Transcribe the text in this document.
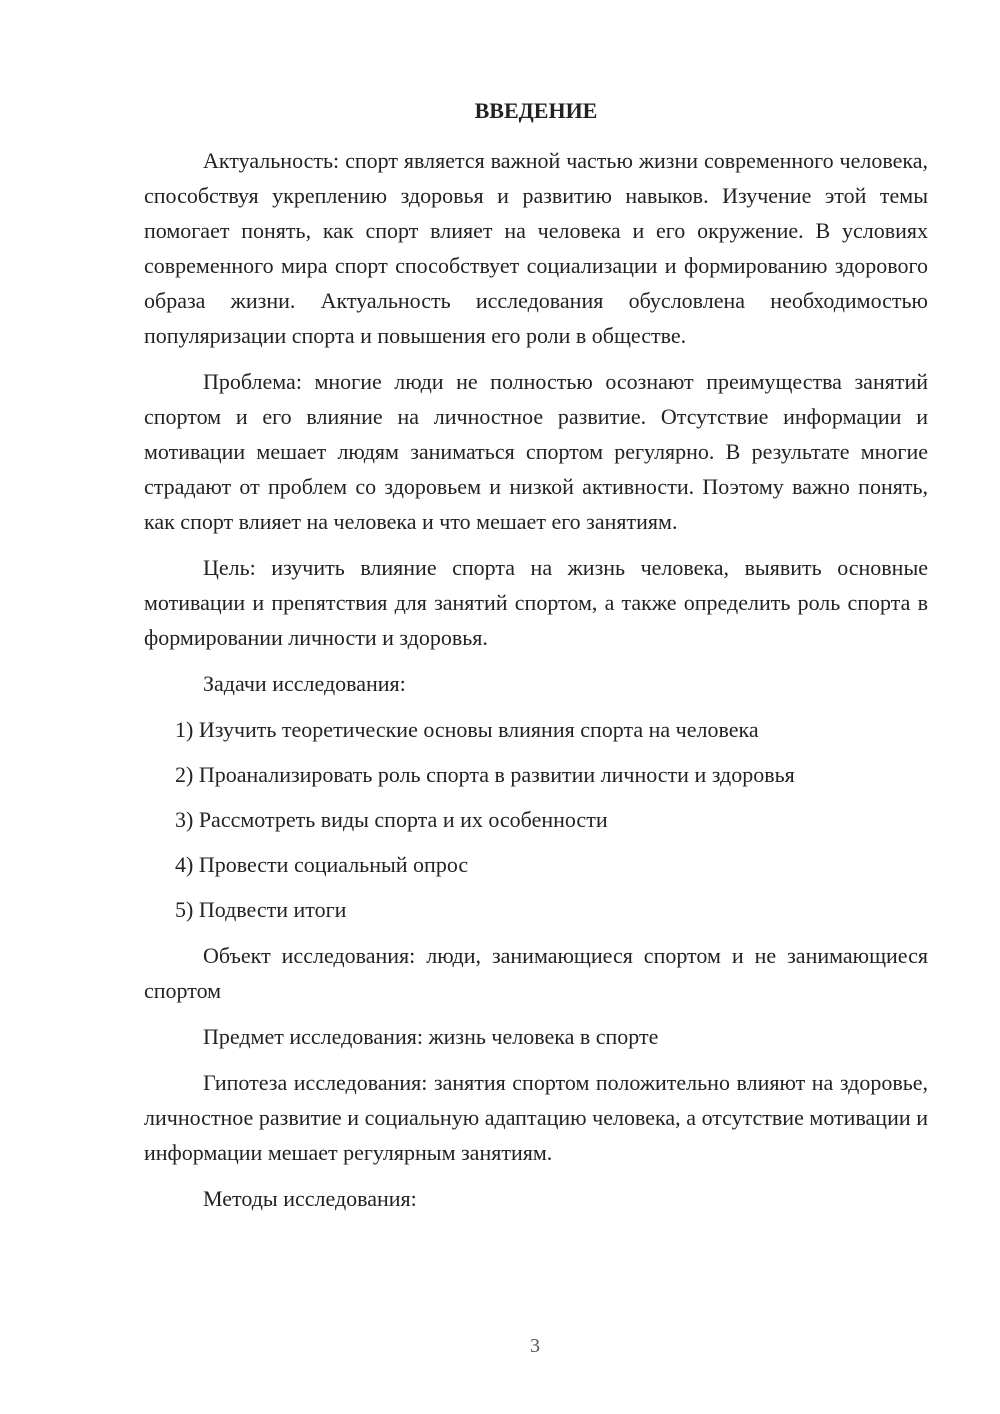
ВВЕДЕНИЕ

Актуальность: спорт является важной частью жизни современного человека, способствуя укреплению здоровья и развитию навыков. Изучение этой темы помогает понять, как спорт влияет на человека и его окружение. В условиях современного мира спорт способствует социализации и формированию здорового образа жизни. Актуальность исследования обусловлена необходимостью популяризации спорта и повышения его роли в обществе.

Проблема: многие люди не полностью осознают преимущества занятий спортом и его влияние на личностное развитие. Отсутствие информации и мотивации мешает людям заниматься спортом регулярно. В результате многие страдают от проблем со здоровьем и низкой активности. Поэтому важно понять, как спорт влияет на человека и что мешает его занятиям.

Цель: изучить влияние спорта на жизнь человека, выявить основные мотивации и препятствия для занятий спортом, а также определить роль спорта в формировании личности и здоровья.

Задачи исследования:

1) Изучить теоретические основы влияния спорта на человека
2) Проанализировать роль спорта в развитии личности и здоровья
3) Рассмотреть виды спорта и их особенности
4) Провести социальный опрос
5) Подвести итоги

Объект исследования: люди, занимающиеся спортом и не занимающиеся спортом

Предмет исследования: жизнь человека в спорте

Гипотеза исследования: занятия спортом положительно влияют на здоровье, личностное развитие и социальную адаптацию человека, а отсутствие мотивации и информации мешает регулярным занятиям.

Методы исследования:

3
